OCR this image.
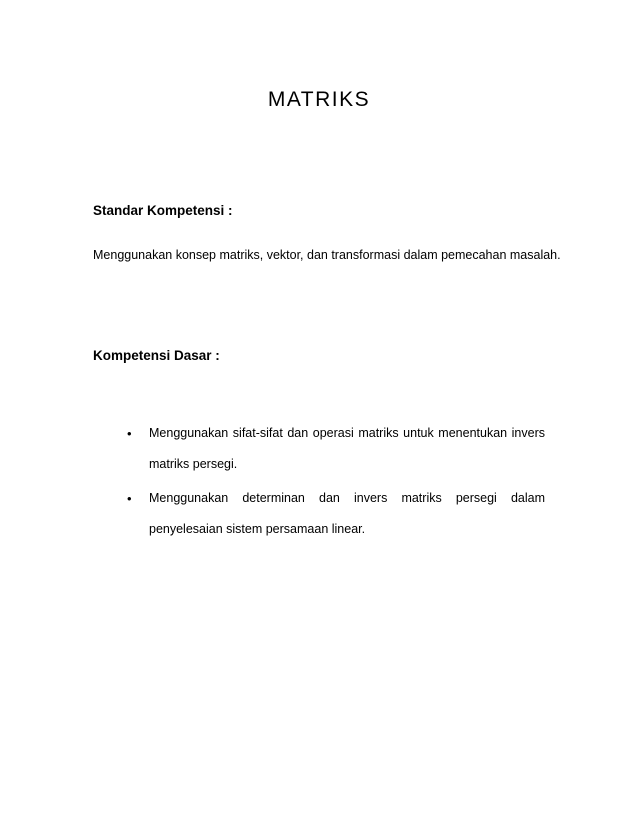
MATRIKS
Standar Kompetensi :

Menggunakan konsep matriks, vektor, dan transformasi dalam pemecahan masalah.

Kompetensi Dasar :
• Menggunakan sifat-sifat dan operasi matriks untuk menentukan invers matriks persegi.
• Menggunakan determinan dan invers matriks persegi dalam penyelesaian sistem persamaan linear.
